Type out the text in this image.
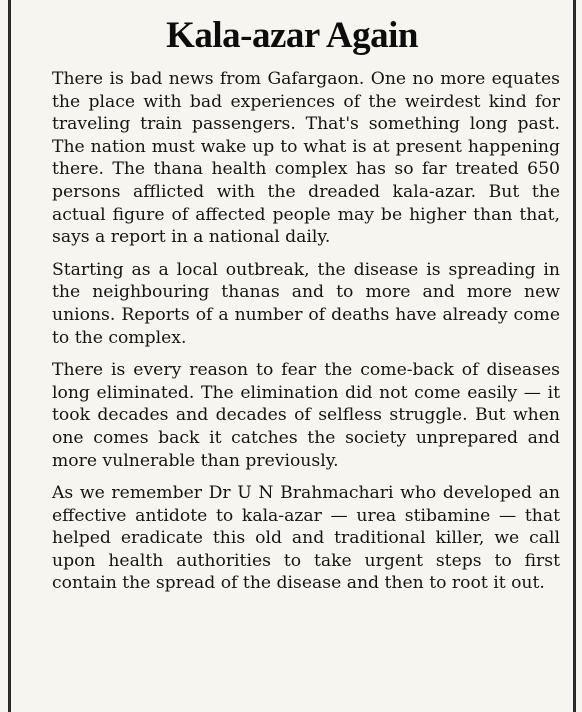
Kala-azar Again

There is bad news from Gafargaon. One no more equates the place with bad experiences of the weirdest kind for traveling train passengers. That's something long past. The nation must wake up to what is at present happening there. The thana health complex has so far treated 650 persons afflicted with the dreaded kala-azar. But the actual figure of affected people may be higher than that, says a report in a national daily.

Starting as a local outbreak, the disease is spreading in the neighbouring thanas and to more and more new unions. Reports of a number of deaths have already come to the complex.

There is every reason to fear the come-back of diseases long eliminated. The elimination did not come easily — it took decades and decades of selfless struggle. But when one comes back it catches the society unprepared and more vulnerable than previously.

As we remember Dr U N Brahmachari who developed an effective antidote to kala-azar — urea stibamine — that helped eradicate this old and traditional killer, we call upon health authorities to take urgent steps to first contain the spread of the disease and then to root it out.
